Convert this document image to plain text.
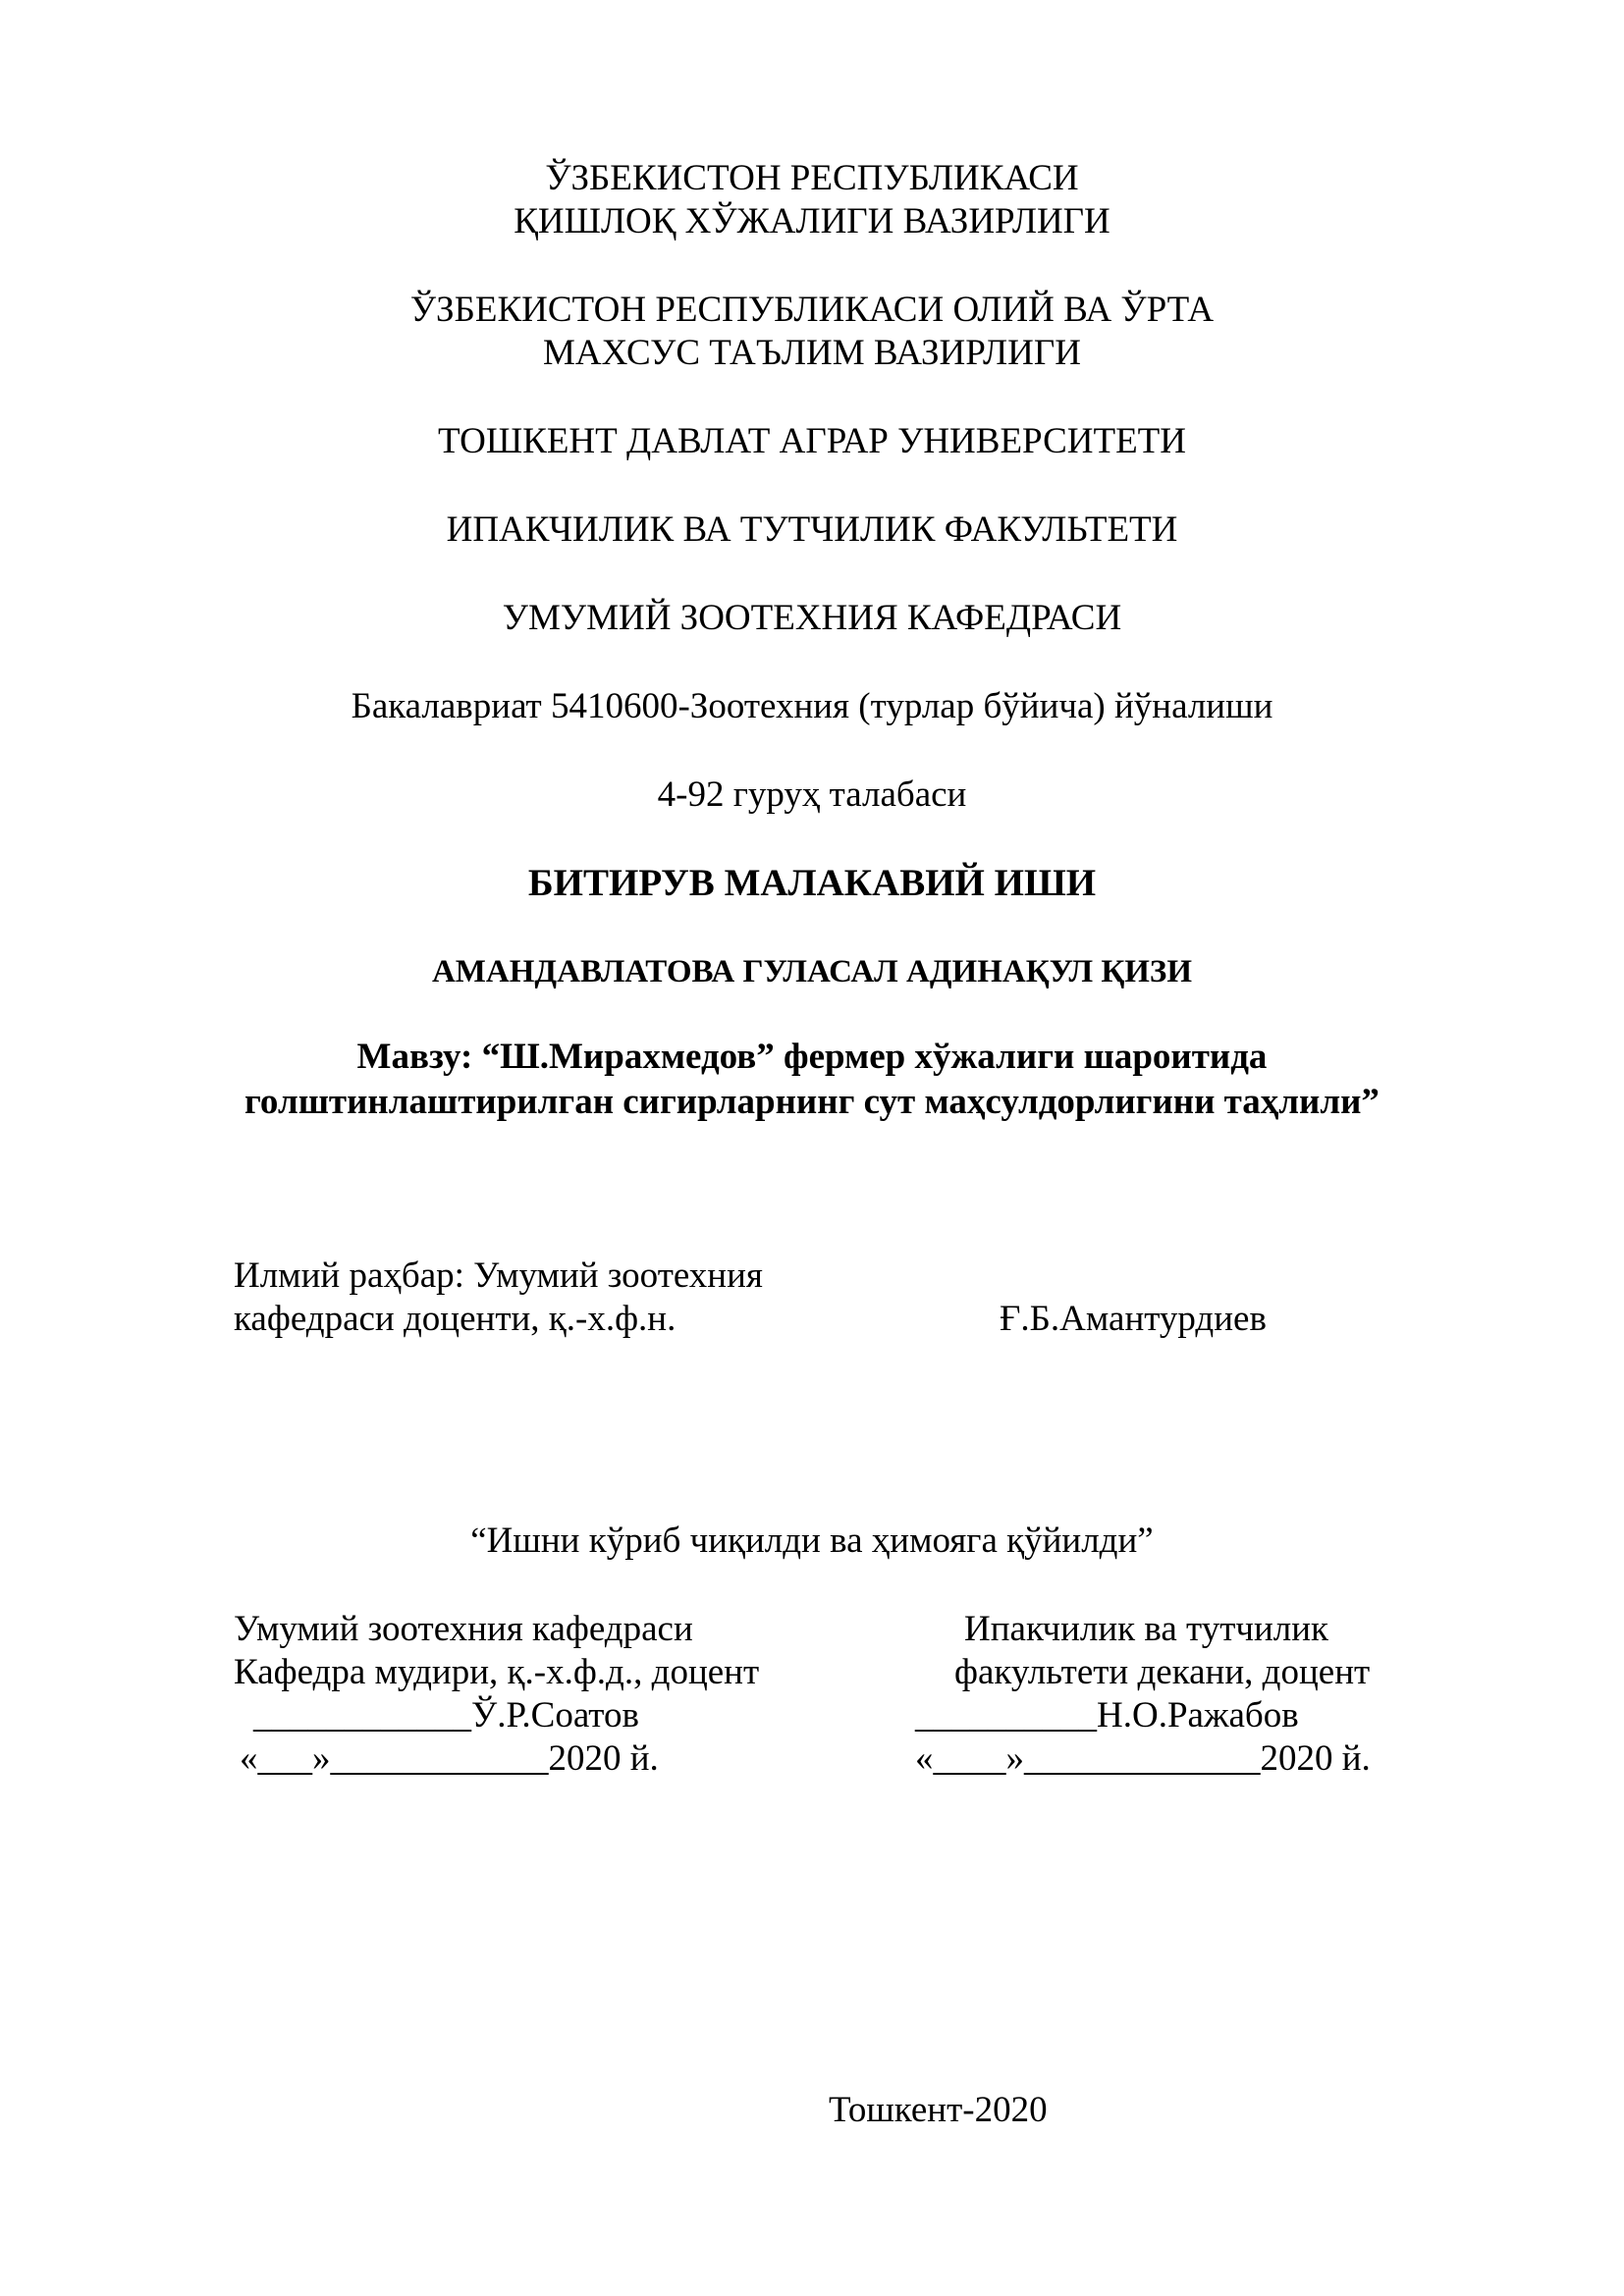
ЎЗБЕКИСТОН РЕСПУБЛИКАСИ
ҚИШЛОҚ ХЎЖАЛИГИ ВАЗИРЛИГИ
ЎЗБЕКИСТОН РЕСПУБЛИКАСИ ОЛИЙ ВА ЎРТА
МАХСУС ТАЪЛИМ ВАЗИРЛИГИ
ТОШКЕНТ ДАВЛАТ АГРАР УНИВЕРСИТЕТИ
ИПАКЧИЛИК ВА ТУТЧИЛИК ФАКУЛЬТЕТИ
УМУМИЙ ЗООТЕХНИЯ КАФЕДРАСИ
Бакалавриат 5410600-Зоотехния (турлар бўйича) йўналиши
4-92 гуруҳ талабаси
БИТИРУВ МАЛАКАВИЙ ИШИ
АМАНДАВЛАТОВА ГУЛАСАЛ АДИНАҚУЛ ҚИЗИ
Мавзу: “Ш.Мирахмедов” фермер хўжалиги шароитида
голштинлаштирилган сигирларнинг сут маҳсулдорлигини таҳлили”
Илмий раҳбар: Умумий зоотехния
кафедраси доценти, қ.-х.ф.н.	Ғ.Б.Амантурдиев
“Ишни кўриб чиқилди ва ҳимояга қўйилди”
Умумий зоотехния кафедраси
Кафедра мудири, қ.-х.ф.д., доцент
____________Ў.Р.Соатов
«___»____________2020 й.
Ипакчилик ва тутчилик
факультети декани, доцент
__________Н.О.Ражабов
«____»_____________2020 й.
Тошкент-2020
